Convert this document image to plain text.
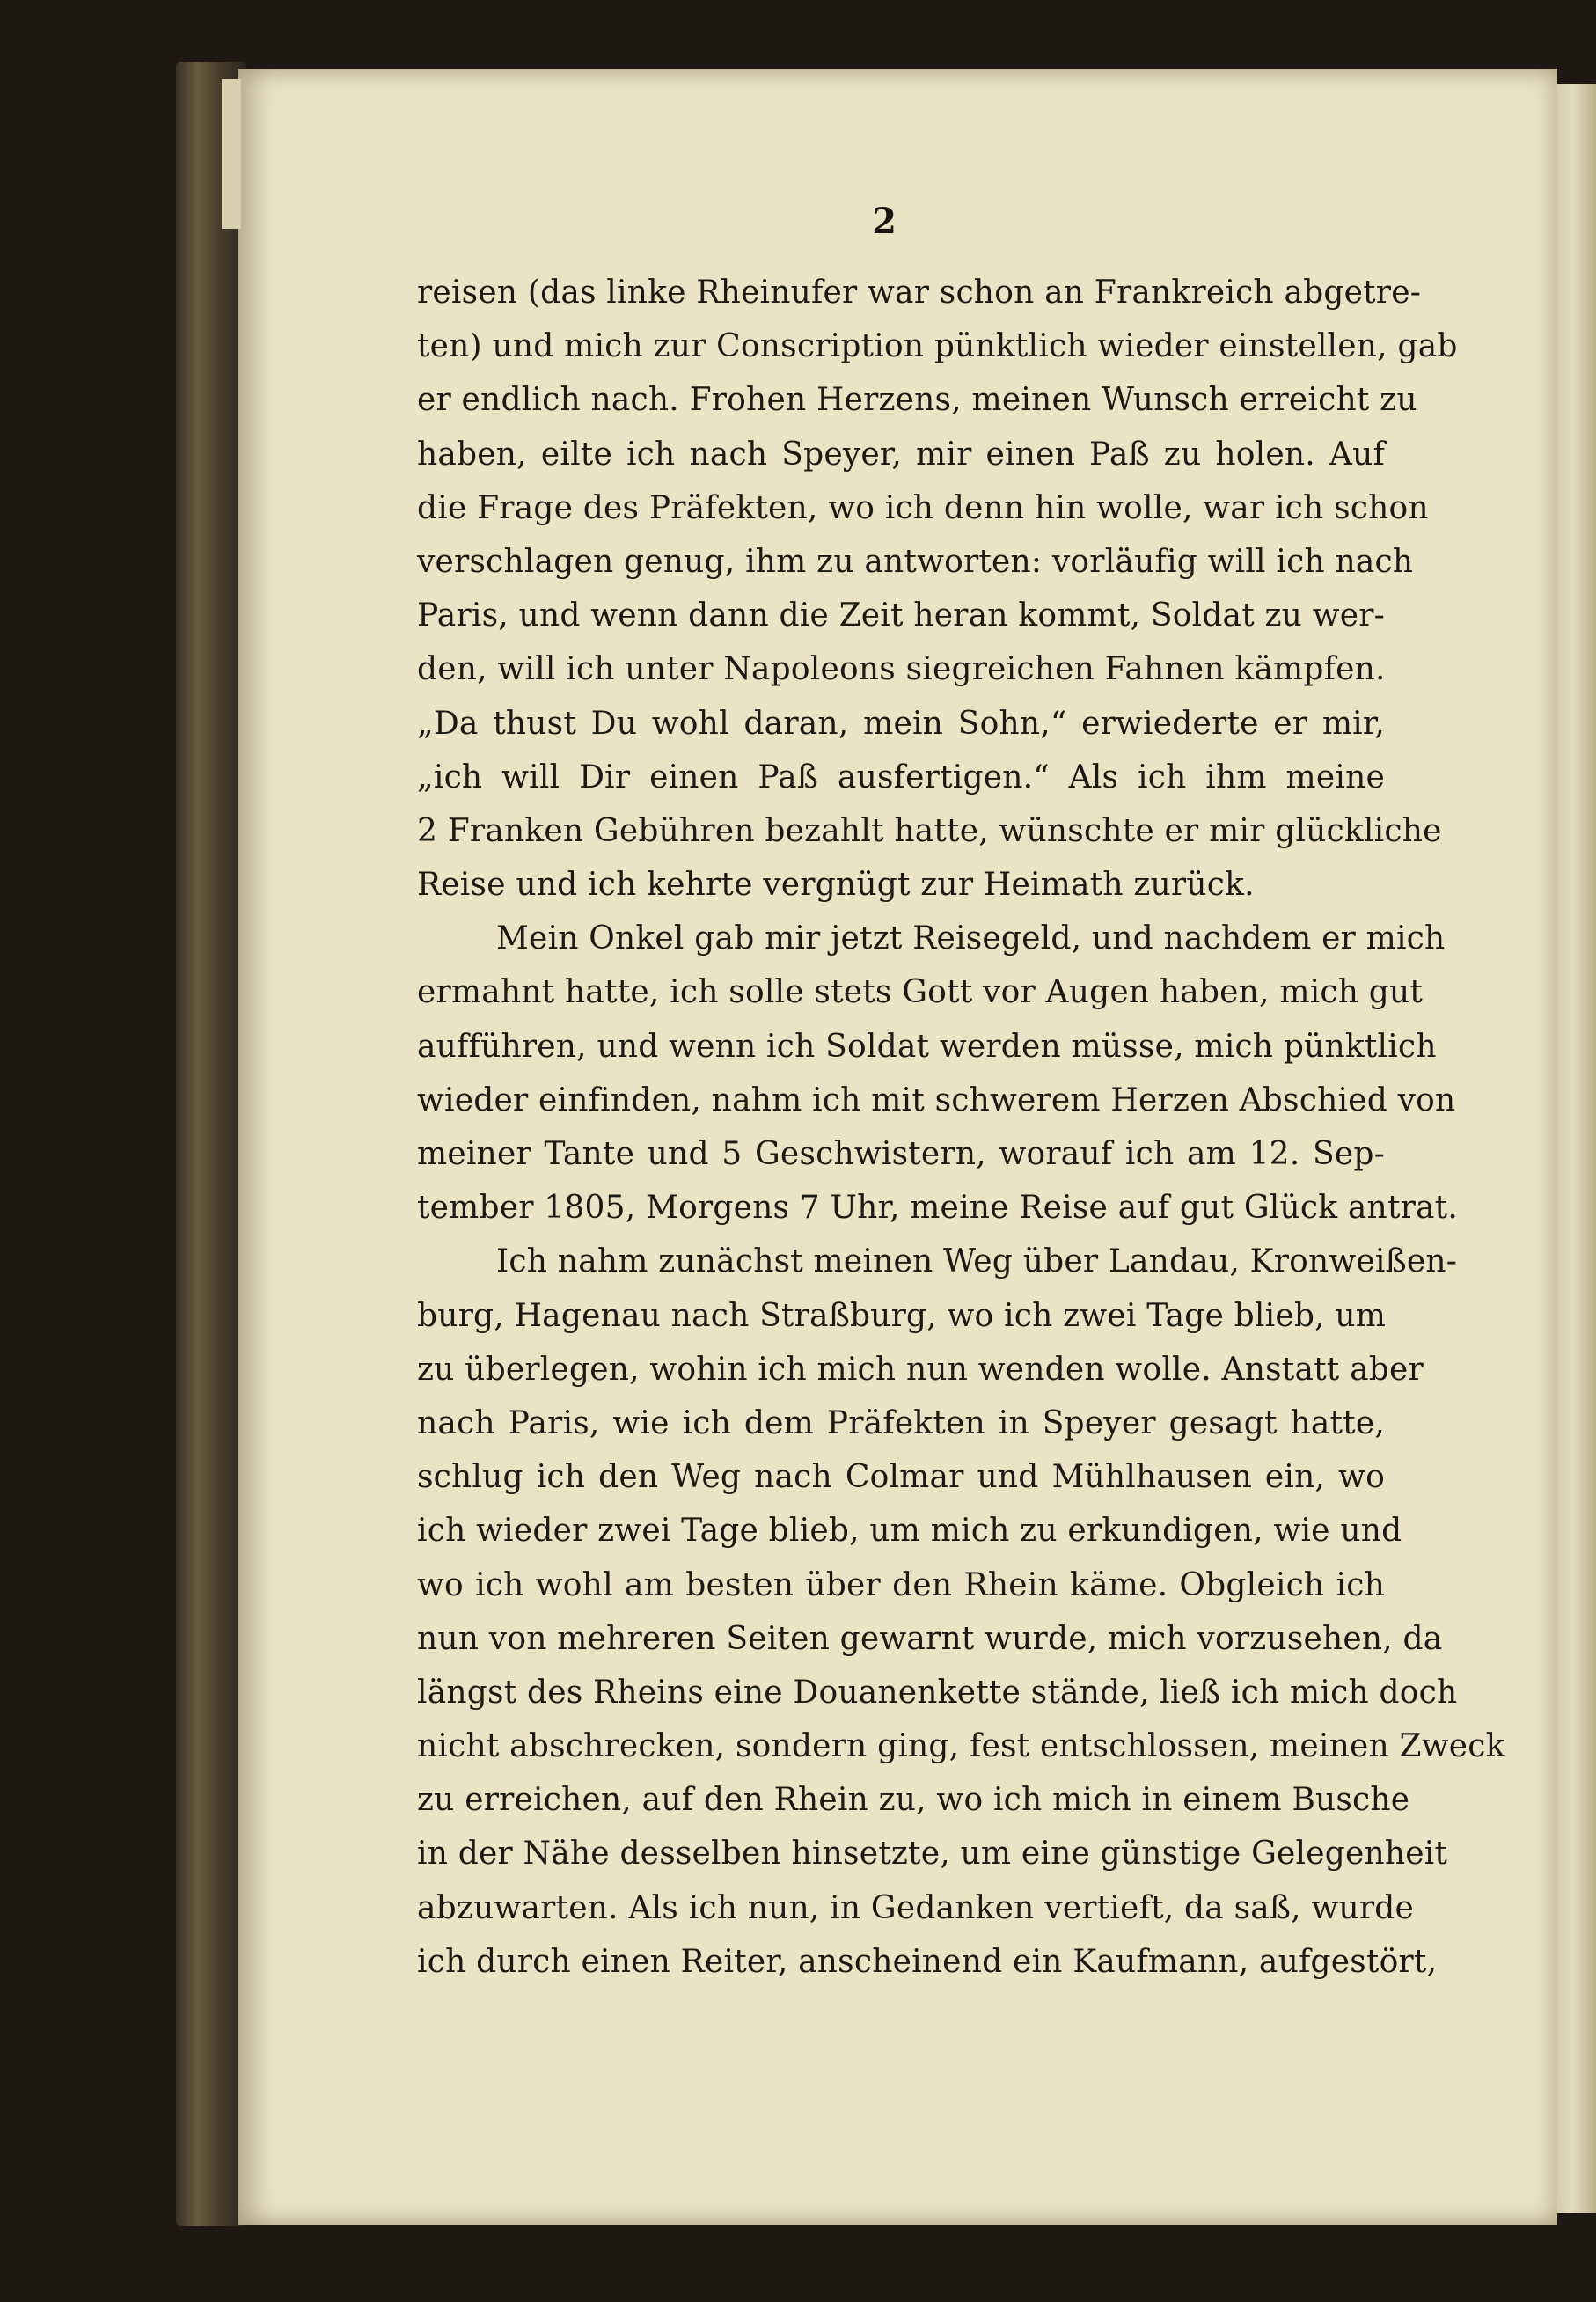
2
reisen (das linke Rheinufer war schon an Frankreich abgetre-
ten) und mich zur Conscription pünktlich wieder einstellen, gab
er endlich nach. Frohen Herzens, meinen Wunsch erreicht zu
haben, eilte ich nach Speyer, mir einen Paß zu holen. Auf
die Frage des Präfekten, wo ich denn hin wolle, war ich schon
verschlagen genug, ihm zu antworten: vorläufig will ich nach
Paris, und wenn dann die Zeit heran kommt, Soldat zu wer-
den, will ich unter Napoleons siegreichen Fahnen kämpfen.
„Da thust Du wohl daran, mein Sohn,“ erwiederte er mir,
„ich will Dir einen Paß ausfertigen.“ Als ich ihm meine
2 Franken Gebühren bezahlt hatte, wünschte er mir glückliche
Reise und ich kehrte vergnügt zur Heimath zurück.
Mein Onkel gab mir jetzt Reisegeld, und nachdem er mich
ermahnt hatte, ich solle stets Gott vor Augen haben, mich gut
aufführen, und wenn ich Soldat werden müsse, mich pünktlich
wieder einfinden, nahm ich mit schwerem Herzen Abschied von
meiner Tante und 5 Geschwistern, worauf ich am 12. Sep-
tember 1805, Morgens 7 Uhr, meine Reise auf gut Glück antrat.
Ich nahm zunächst meinen Weg über Landau, Kronweißen-
burg, Hagenau nach Straßburg, wo ich zwei Tage blieb, um
zu überlegen, wohin ich mich nun wenden wolle. Anstatt aber
nach Paris, wie ich dem Präfekten in Speyer gesagt hatte,
schlug ich den Weg nach Colmar und Mühlhausen ein, wo
ich wieder zwei Tage blieb, um mich zu erkundigen, wie und
wo ich wohl am besten über den Rhein käme. Obgleich ich
nun von mehreren Seiten gewarnt wurde, mich vorzusehen, da
längst des Rheins eine Douanenkette stände, ließ ich mich doch
nicht abschrecken, sondern ging, fest entschlossen, meinen Zweck
zu erreichen, auf den Rhein zu, wo ich mich in einem Busche
in der Nähe desselben hinsetzte, um eine günstige Gelegenheit
abzuwarten. Als ich nun, in Gedanken vertieft, da saß, wurde
ich durch einen Reiter, anscheinend ein Kaufmann, aufgestört,
